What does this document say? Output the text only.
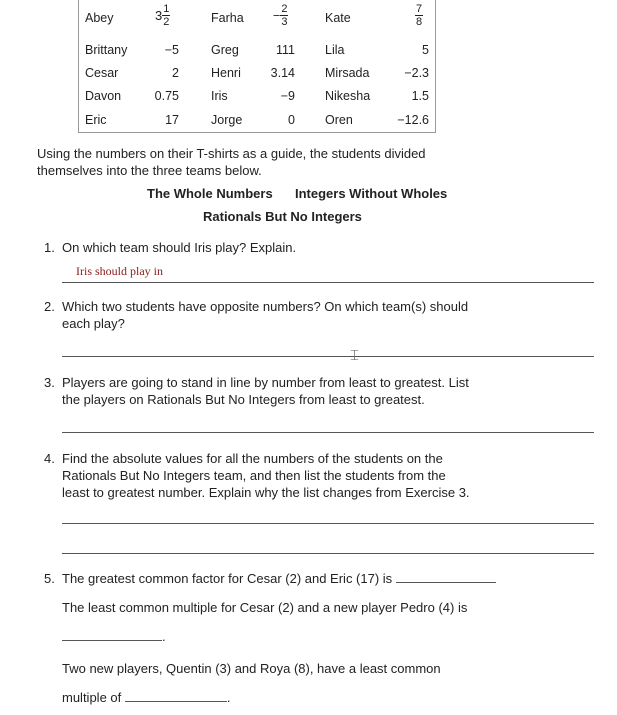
Abey	$3 \frac{1}{2}$	Farha − $\frac{2}{3}$	Kate	$\frac{7}{8}$
Brittany	−5	Greg	111 Lila	5
Cesar	2	Henri	3.14 Mirsada	−2.3
Davon	0.75	Iris	−9 Nikesha	1.5
Eric	17	Jorge	0 Oren	−12.6
Using the numbers on their T-shirts as a guide, the students divided
themselves into the three teams below.
The Whole Numbers Integers Without Wholes
Rationals But No Integers
1. On which team should Iris play? Explain.
Iris should play in
2. Which two students have opposite numbers? On which team(s) should
each play?
⌶
3. Players are going to stand in line by number from least to greatest. List
the players on Rationals But No Integers from least to greatest.
4. Find the absolute values for all the numbers of the students on the
Rationals But No Integers team, and then list the students from the
least to greatest number. Explain why the list changes from Exercise 3.
5. The greatest common factor for Cesar (2) and Eric (17) is
The least common multiple for Cesar (2) and a new player Pedro (4) is
.
Two new players, Quentin (3) and Roya (8), have a least common
multiple of	.
